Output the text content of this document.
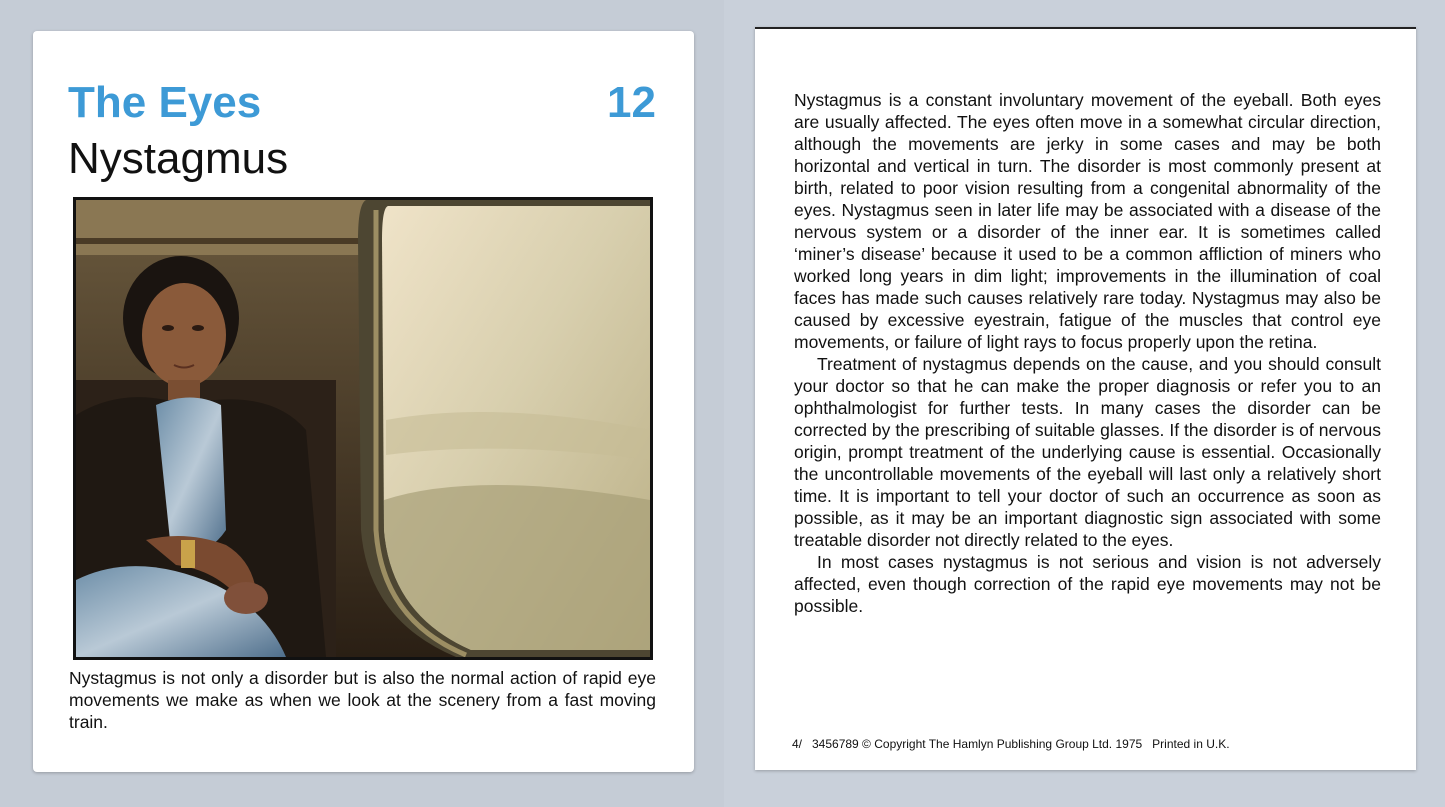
The Eyes	12
Nystagmus

Nystagmus is not only a disorder but is also the normal action of rapid eye movements we make as when we look at the scenery from a fast moving train.

Nystagmus is a constant involuntary movement of the eyeball. Both eyes are usually affected. The eyes often move in a somewhat circular direction, although the movements are jerky in some cases and may be both horizontal and vertical in turn. The disorder is most commonly present at birth, related to poor vision resulting from a congenital abnormality of the eyes. Nystagmus seen in later life may be associated with a disease of the nervous system or a disorder of the inner ear. It is sometimes called ‘miner’s disease’ because it used to be a common affliction of miners who worked long years in dim light; improvements in the illumination of coal faces has made such causes relatively rare today. Nystagmus may also be caused by excessive eyestrain, fatigue of the muscles that control eye movements, or failure of light rays to focus properly upon the retina.

Treatment of nystagmus depends on the cause, and you should consult your doctor so that he can make the proper diagnosis or refer you to an ophthalmologist for further tests. In many cases the disorder can be corrected by the prescribing of suitable glasses. If the disorder is of nervous origin, prompt treatment of the underlying cause is essential. Occasionally the uncontrollable movements of the eyeball will last only a relatively short time. It is important to tell your doctor of such an occurrence as soon as possible, as it may be an important diagnostic sign associated with some treatable disorder not directly related to the eyes.

In most cases nystagmus is not serious and vision is not adversely affected, even though correction of the rapid eye movements may not be possible.

4/   3456789 © Copyright The Hamlyn Publishing Group Ltd. 1975   Printed in U.K.
